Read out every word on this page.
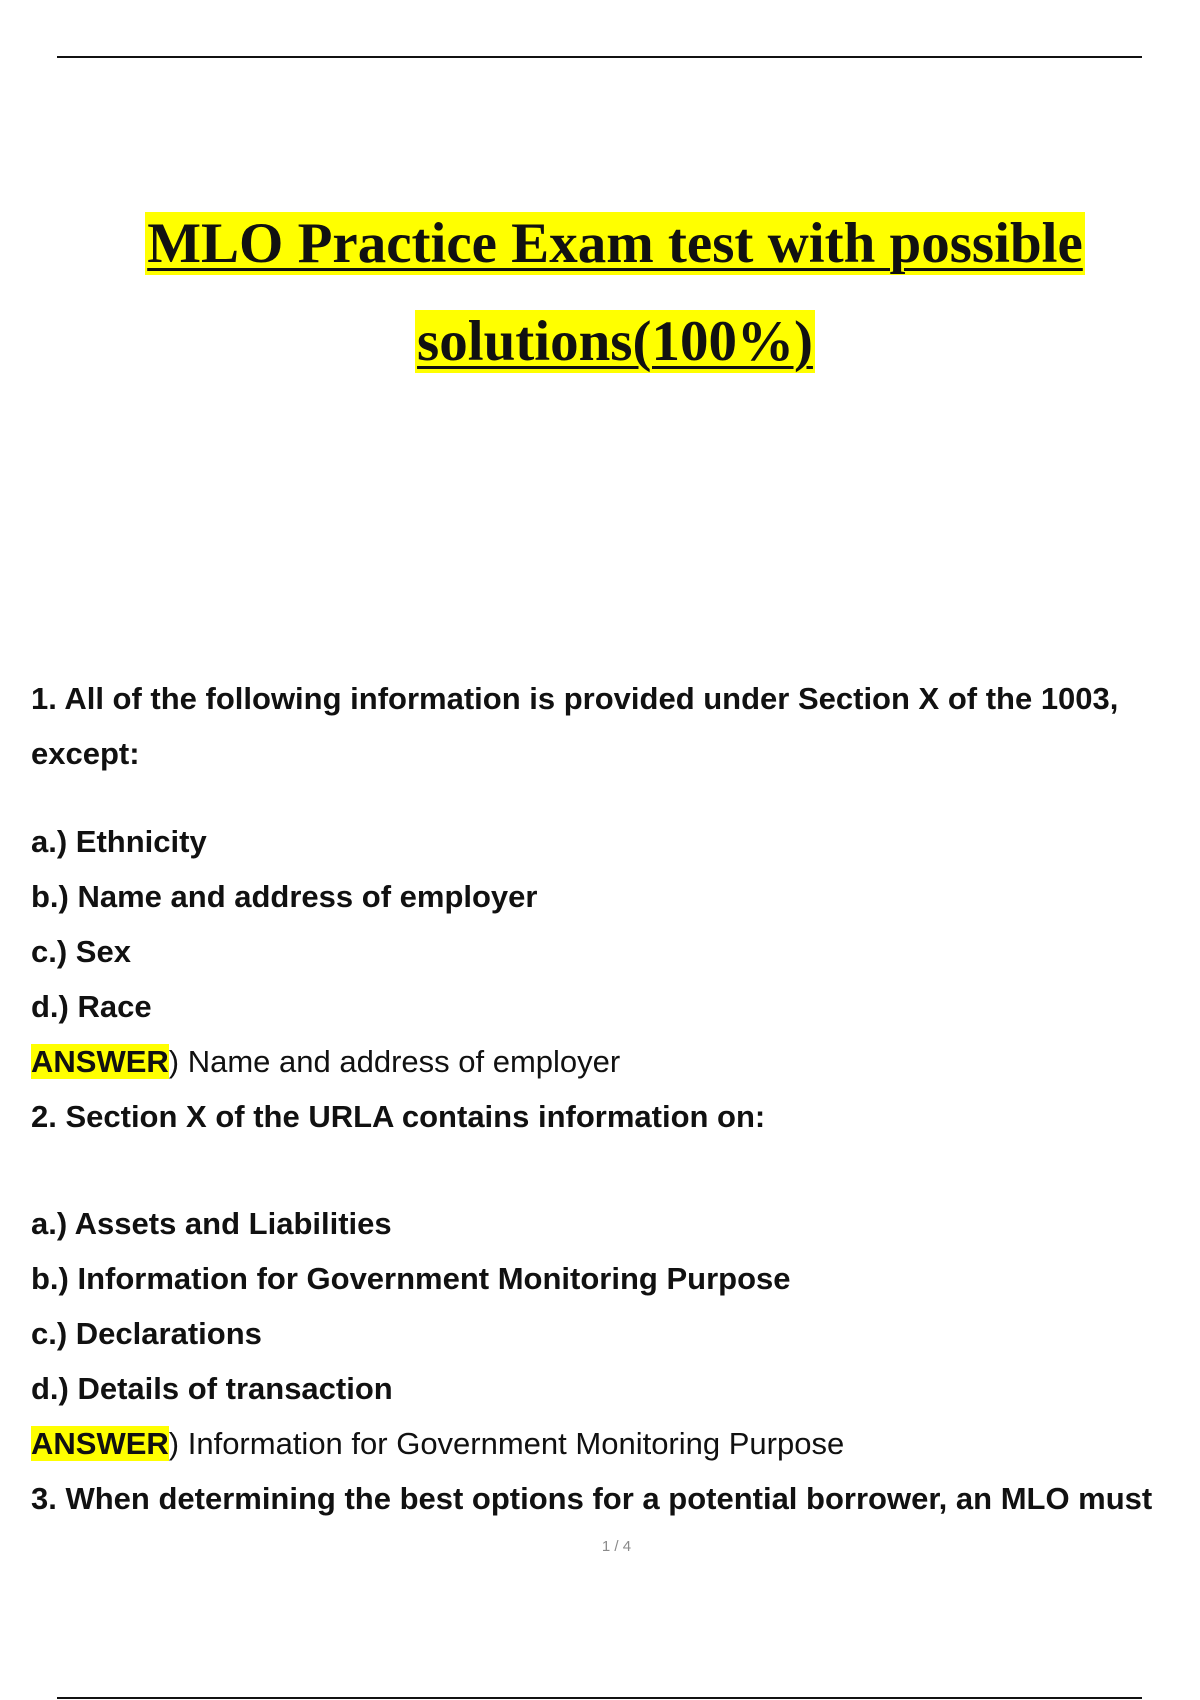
MLO Practice Exam test with possible
solutions(100%)

1. All of the following information is provided under Section X of the 1003, except:

a.) Ethnicity

b.) Name and address of employer

c.) Sex

d.) Race

ANSWER) Name and address of employer

2. Section X of the URLA contains information on:

a.) Assets and Liabilities

b.) Information for Government Monitoring Purpose

c.) Declarations

d.) Details of transaction

ANSWER) Information for Government Monitoring Purpose

3. When determining the best options for a potential borrower, an MLO must

1 / 4
